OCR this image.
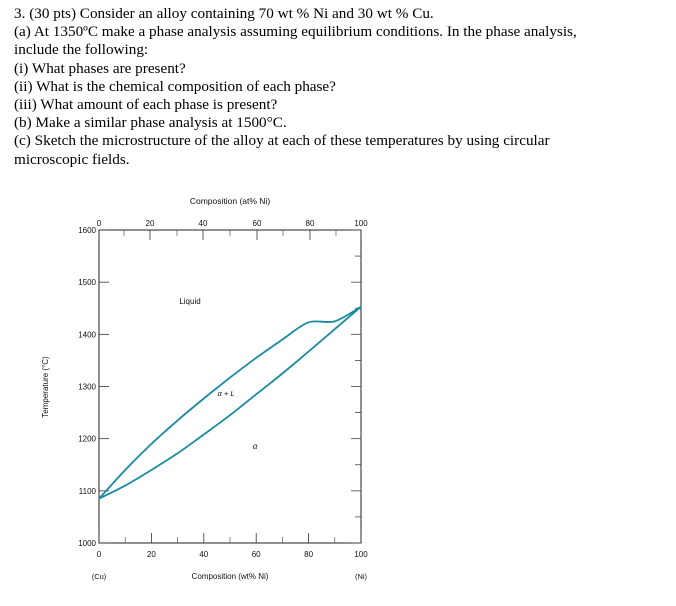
3. (30 pts) Consider an alloy containing 70 wt % Ni and 30 wt % Cu.
(a) At 1350ºC make a phase analysis assuming equilibrium conditions. In the phase analysis,
include the following:
(i) What phases are present?
(ii) What is the chemical composition of each phase?
(iii) What amount of each phase is present?
(b) Make a similar phase analysis at 1500°C.
(c) Sketch the microstructure of the alloy at each of these temperatures by using circular
microscopic fields.
Composition (at% Ni)
0	20	40	60	80	100
0	20	40	60	80	100
Composition (wt% Ni)
(Cu)	(Ni)
1000
1100
1200
1300
1400
1500
1600
Temperature (°C)
Liquid
α + L
α
